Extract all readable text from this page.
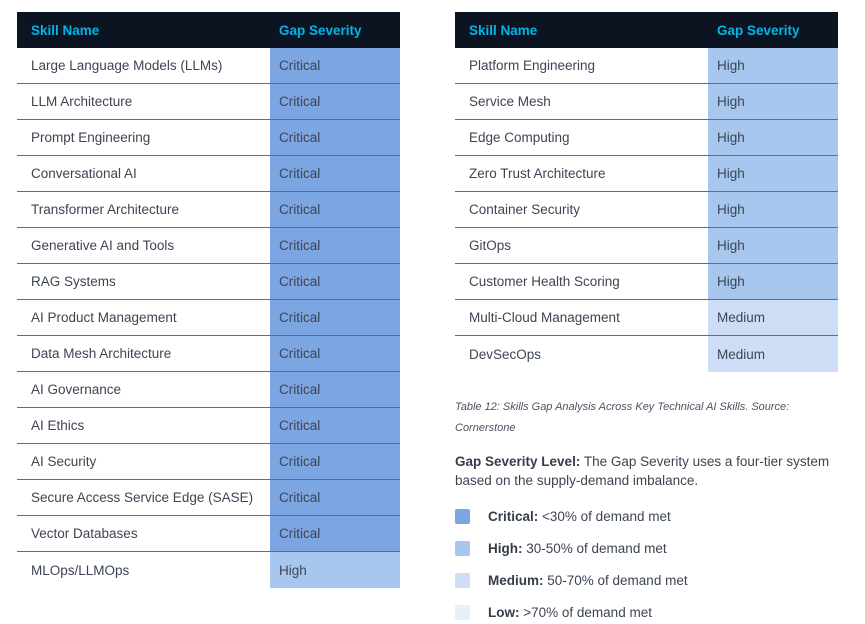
Skill Name	Gap Severity
Large Language Models (LLMs)	Critical
LLM Architecture	Critical
Prompt Engineering	Critical
Conversational AI	Critical
Transformer Architecture	Critical
Generative AI and Tools	Critical
RAG Systems	Critical
AI Product Management	Critical
Data Mesh Architecture	Critical
AI Governance	Critical
AI Ethics	Critical
AI Security	Critical
Secure Access Service Edge (SASE)	Critical
Vector Databases	Critical
MLOps/LLMOps	High
Skill Name	Gap Severity
Platform Engineering	High
Service Mesh	High
Edge Computing	High
Zero Trust Architecture	High
Container Security	High
GitOps	High
Customer Health Scoring	High
Multi-Cloud Management	Medium
DevSecOps	Medium
Table 12: Skills Gap Analysis Across Key Technical AI Skills. Source: Cornerstone
Gap Severity Level: The Gap Severity uses a four-tier system based on the supply-demand imbalance.
Critical: <30% of demand met
High: 30-50% of demand met
Medium: 50-70% of demand met
Low: >70% of demand met
